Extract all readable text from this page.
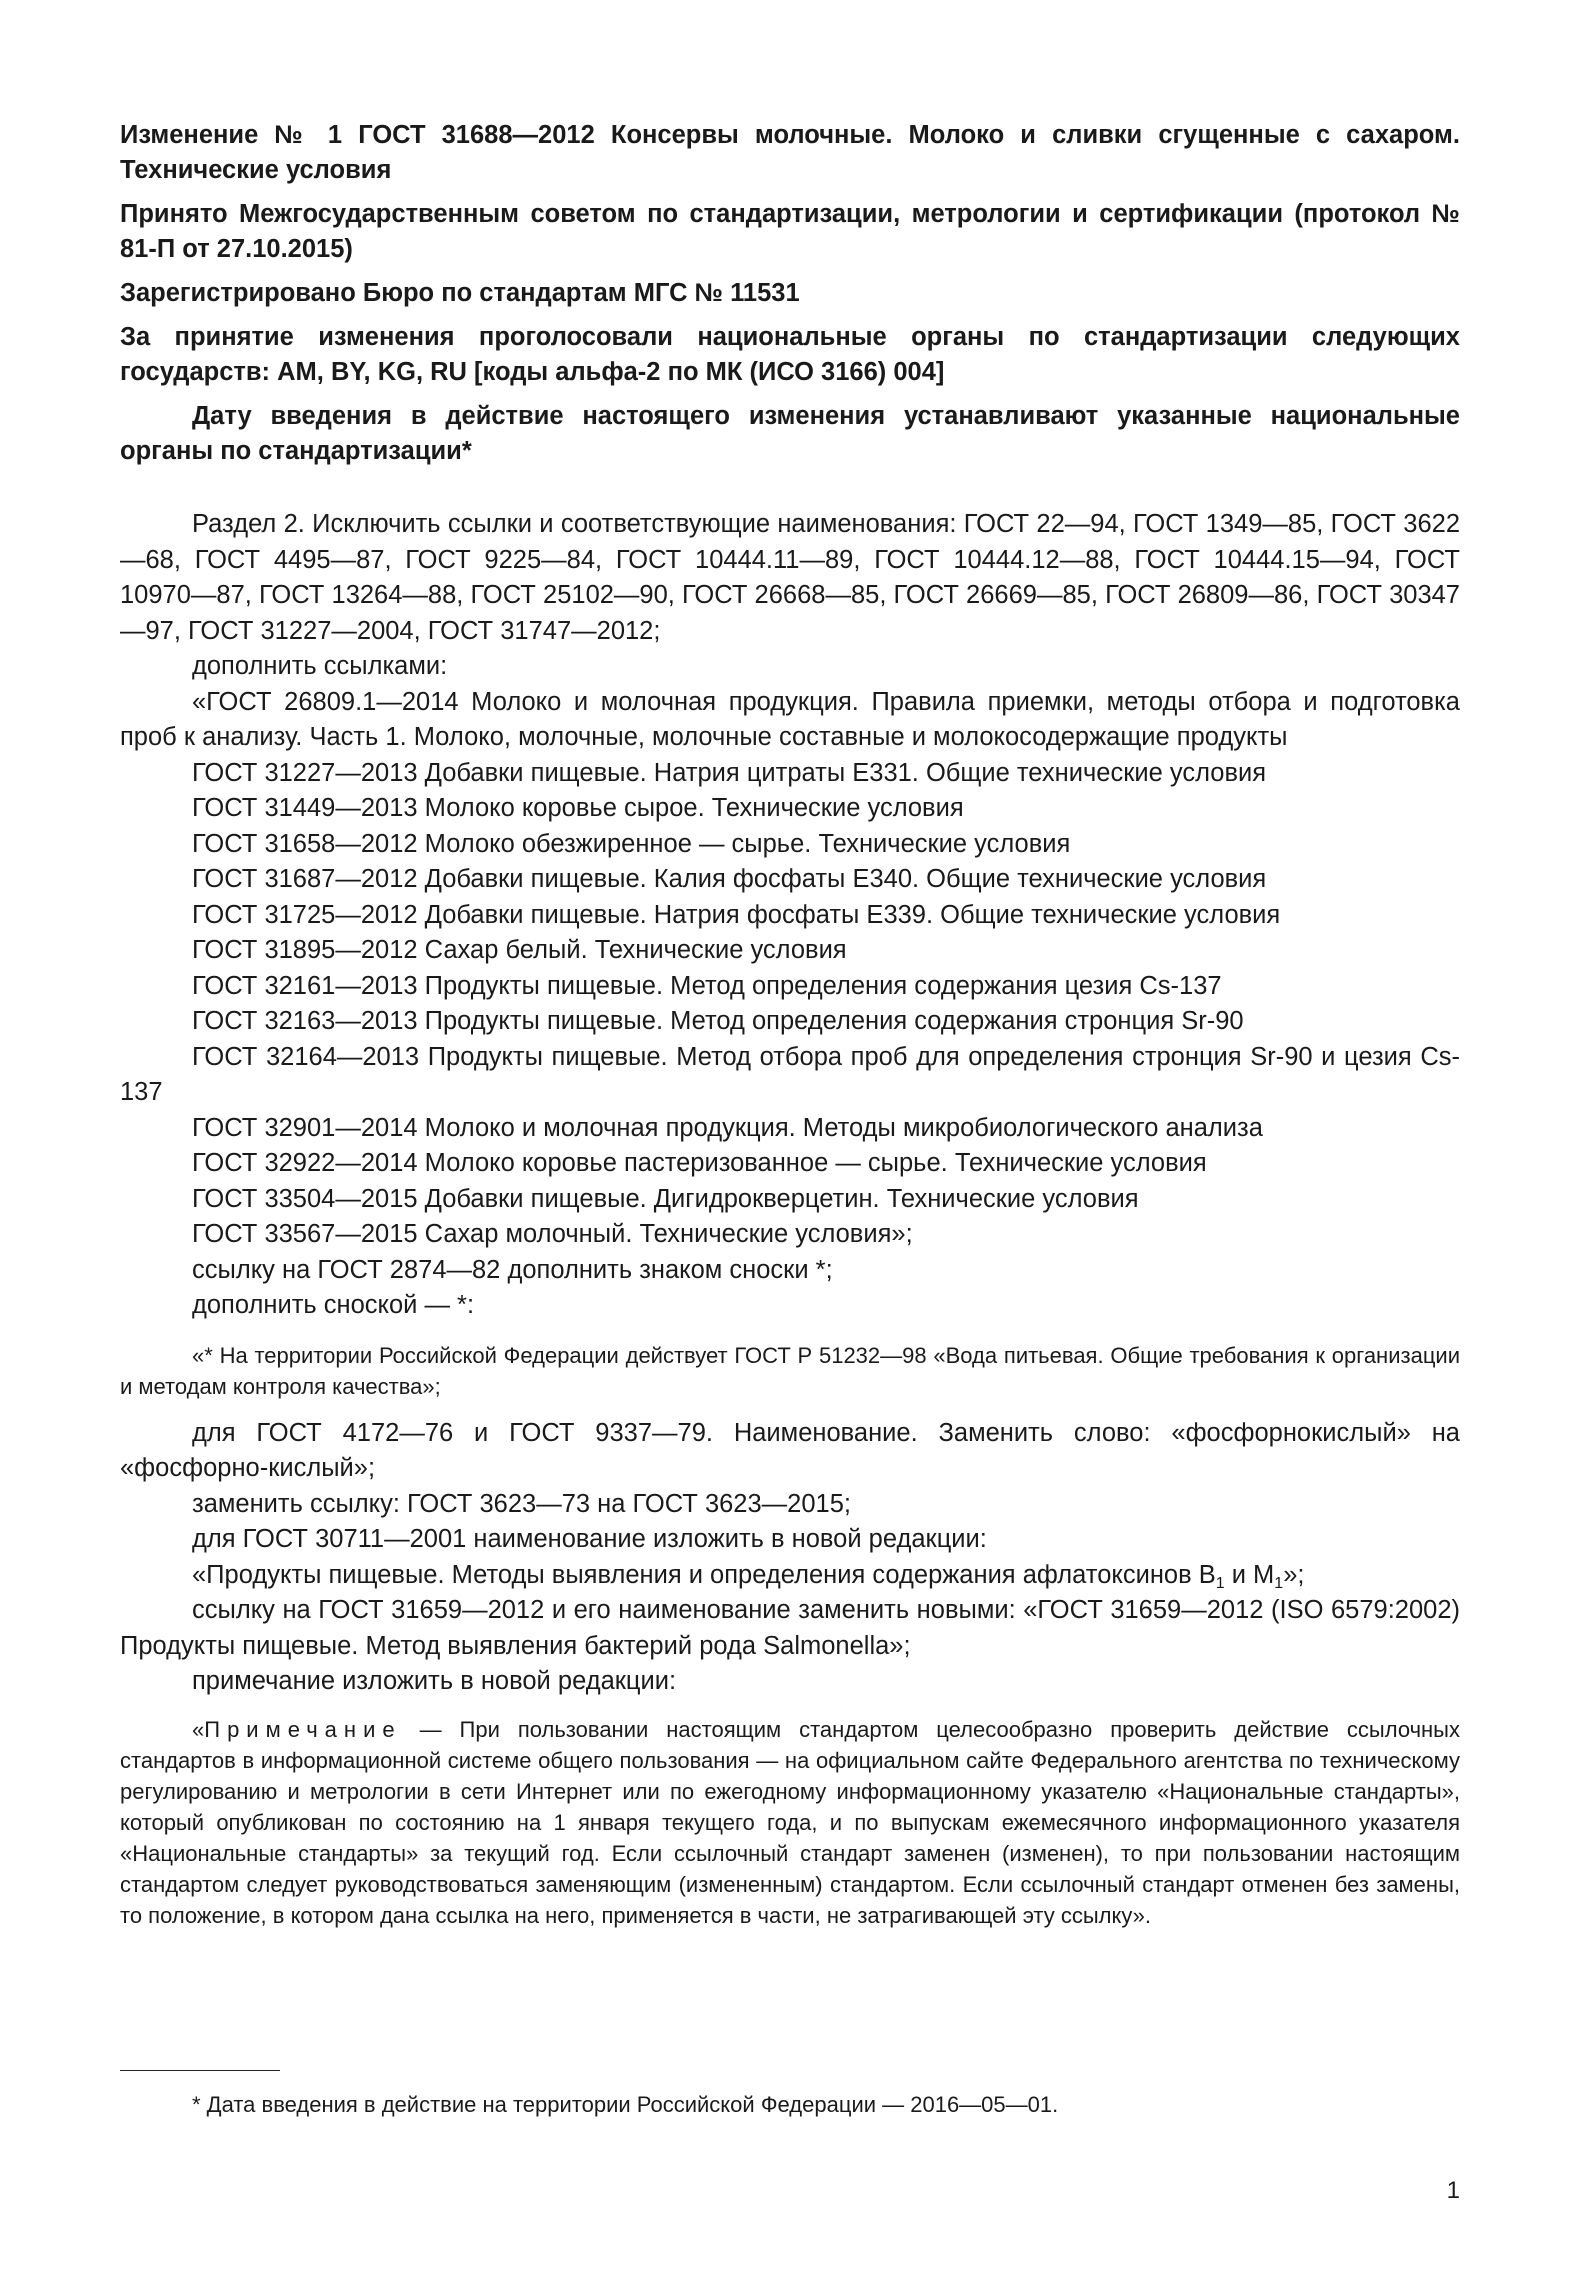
Изменение № 1 ГОСТ 31688—2012 Консервы молочные. Молоко и сливки сгущенные с сахаром. Технические условия

Принято Межгосударственным советом по стандартизации, метрологии и сертификации (протокол № 81-П от 27.10.2015)

Зарегистрировано Бюро по стандартам МГС № 11531

За принятие изменения проголосовали национальные органы по стандартизации следующих государств: AM, BY, KG, RU [коды альфа-2 по МК (ИСО 3166) 004]

Дату введения в действие настоящего изменения устанавливают указанные национальные органы по стандартизации*

Раздел 2. Исключить ссылки и соответствующие наименования: ГОСТ 22—94, ГОСТ 1349—85, ГОСТ 3622—68, ГОСТ 4495—87, ГОСТ 9225—84, ГОСТ 10444.11—89, ГОСТ 10444.12—88, ГОСТ 10444.15—94, ГОСТ 10970—87, ГОСТ 13264—88, ГОСТ 25102—90, ГОСТ 26668—85, ГОСТ 26669—85, ГОСТ 26809—86, ГОСТ 30347—97, ГОСТ 31227—2004, ГОСТ 31747—2012;

дополнить ссылками:

«ГОСТ 26809.1—2014 Молоко и молочная продукция. Правила приемки, методы отбора и подготовка проб к анализу. Часть 1. Молоко, молочные, молочные составные и молокосодержащие продукты

ГОСТ 31227—2013 Добавки пищевые. Натрия цитраты Е331. Общие технические условия

ГОСТ 31449—2013 Молоко коровье сырое. Технические условия

ГОСТ 31658—2012 Молоко обезжиренное — сырье. Технические условия

ГОСТ 31687—2012 Добавки пищевые. Калия фосфаты Е340. Общие технические условия

ГОСТ 31725—2012 Добавки пищевые. Натрия фосфаты Е339. Общие технические условия

ГОСТ 31895—2012 Сахар белый. Технические условия

ГОСТ 32161—2013 Продукты пищевые. Метод определения содержания цезия Cs-137

ГОСТ 32163—2013 Продукты пищевые. Метод определения содержания стронция Sr-90

ГОСТ 32164—2013 Продукты пищевые. Метод отбора проб для определения стронция Sr-90 и цезия Cs-137

ГОСТ 32901—2014 Молоко и молочная продукция. Методы микробиологического анализа

ГОСТ 32922—2014 Молоко коровье пастеризованное — сырье. Технические условия

ГОСТ 33504—2015 Добавки пищевые. Дигидрокверцетин. Технические условия

ГОСТ 33567—2015 Сахар молочный. Технические условия»;

ссылку на ГОСТ 2874—82 дополнить знаком сноски *;

дополнить сноской — *:

«* На территории Российской Федерации действует ГОСТ Р 51232—98 «Вода питьевая. Общие требования к организации и методам контроля качества»;

для ГОСТ 4172—76 и ГОСТ 9337—79. Наименование. Заменить слово: «фосфорнокислый» на «фосфорно-кислый»;

заменить ссылку: ГОСТ 3623—73 на ГОСТ 3623—2015;

для ГОСТ 30711—2001 наименование изложить в новой редакции:

«Продукты пищевые. Методы выявления и определения содержания афлатоксинов $B_1$ и $M_1$»;

ссылку на ГОСТ 31659—2012 и его наименование заменить новыми: «ГОСТ 31659—2012 (ISO 6579:2002) Продукты пищевые. Метод выявления бактерий рода Salmonella»;

примечание изложить в новой редакции:

«Примечание — При пользовании настоящим стандартом целесообразно проверить действие ссылочных стандартов в информационной системе общего пользования — на официальном сайте Федерального агентства по техническому регулированию и метрологии в сети Интернет или по ежегодному информационному указателю «Национальные стандарты», который опубликован по состоянию на 1 января текущего года, и по выпускам ежемесячного информационного указателя «Национальные стандарты» за текущий год. Если ссылочный стандарт заменен (изменен), то при пользовании настоящим стандартом следует руководствоваться заменяющим (измененным) стандартом. Если ссылочный стандарт отменен без замены, то положение, в котором дана ссылка на него, применяется в части, не затрагивающей эту ссылку».

* Дата введения в действие на территории Российской Федерации — 2016—05—01.
1
